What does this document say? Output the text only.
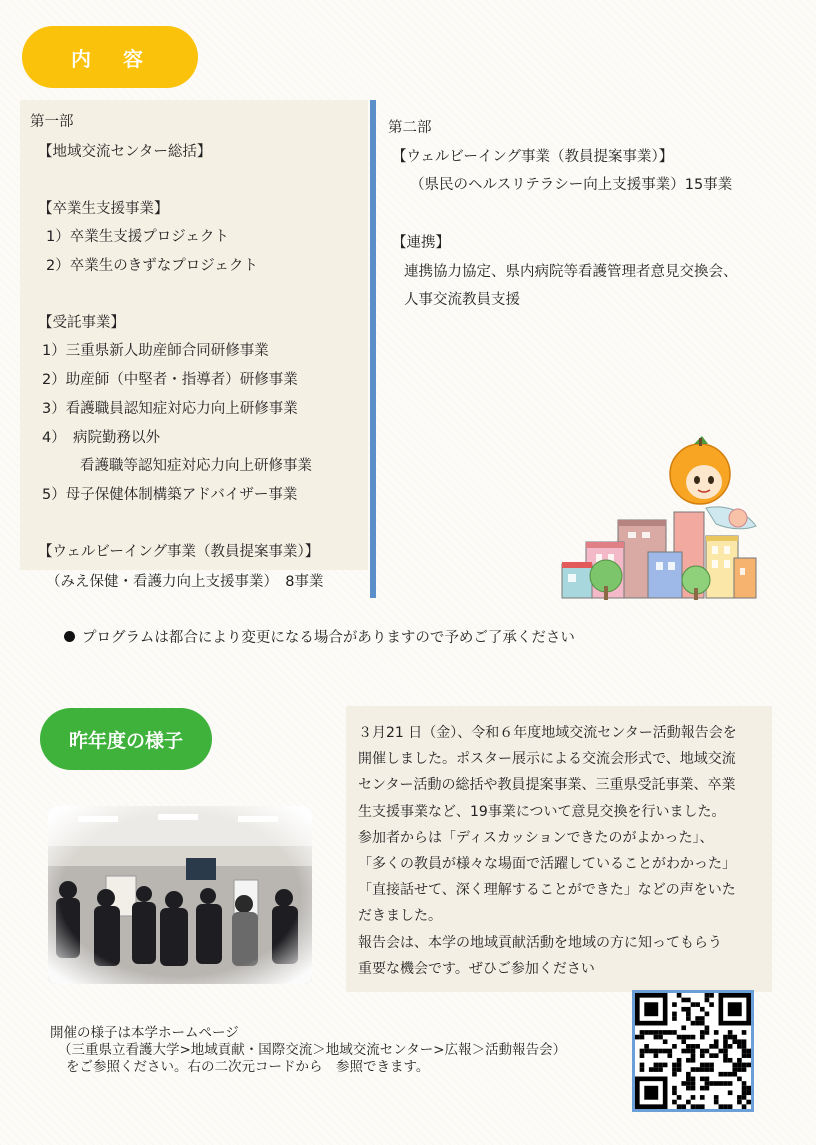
内　容
第一部
【地域交流センター総括】
【卒業生支援事業】
1）卒業生支援プロジェクト
2）卒業生のきずなプロジェクト
【受託事業】
1）三重県新人助産師合同研修事業
2）助産師（中堅者・指導者）研修事業
3）看護職員認知症対応力向上研修事業
4）　病院勤務以外
看護職等認知症対応力向上研修事業
5）母子保健体制構築アドバイザー事業
【ウェルビーイング事業（教員提案事業）】
（みえ保健・看護力向上支援事業）　8事業
第二部
【ウェルビーイング事業（教員提案事業）】
（県民のヘルスリテラシー向上支援事業）15事業
【連携】
連携協力協定、県内病院等看護管理者意見交換会、
人事交流教員支援
プログラムは都合により変更になる場合がありますので予めご了承ください
昨年度の様子	３月21 日（金）、令和６年度地域交流センター活動報告会を
開催しました。ポスター展示による交流会形式で、地域交流
センター活動の総括や教員提案事業、三重県受託事業、卒業
生支援事業など、19事業について意見交換を行いました。
参加者からは「ディスカッションできたのがよかった」、
「多くの教員が様々な場面で活躍していることがわかった」
「直接話せて、深く理解することができた」などの声をいた
だきました。
報告会は、本学の地域貢献活動を地域の方に知ってもらう
重要な機会です。ぜひご参加ください
開催の様子は本学ホームページ
（三重県立看護大学>地域貢献・国際交流＞地域交流センター>広報＞活動報告会）
をご参照ください。右の二次元コードから　参照できます。
